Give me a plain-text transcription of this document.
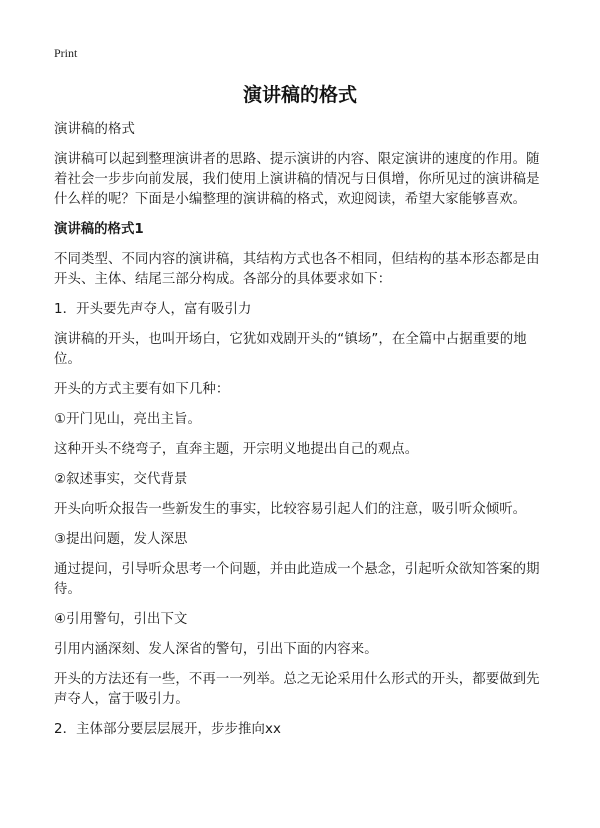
Print
演讲稿的格式

演讲稿的格式

演讲稿可以起到整理演讲者的思路、提示演讲的内容、限定演讲的速度的作用。随着社会一步步向前发展，我们使用上演讲稿的情况与日俱增，你所见过的演讲稿是什么样的呢？下面是小编整理的演讲稿的格式，欢迎阅读，希望大家能够喜欢。

演讲稿的格式1

不同类型、不同内容的演讲稿，其结构方式也各不相同，但结构的基本形态都是由开头、主体、结尾三部分构成。各部分的具体要求如下：

1．开头要先声夺人，富有吸引力

演讲稿的开头，也叫开场白，它犹如戏剧开头的“镇场”，在全篇中占据重要的地位。

开头的方式主要有如下几种：

①开门见山，亮出主旨。

这种开头不绕弯子，直奔主题，开宗明义地提出自己的观点。

②叙述事实，交代背景

开头向听众报告一些新发生的事实，比较容易引起人们的注意，吸引听众倾听。

③提出问题，发人深思

通过提问，引导听众思考一个问题，并由此造成一个悬念，引起听众欲知答案的期待。

④引用警句，引出下文

引用内涵深刻、发人深省的警句，引出下面的内容来。

开头的方法还有一些，不再一一列举。总之无论采用什么形式的开头，都要做到先声夺人，富于吸引力。

2．主体部分要层层展开，步步推向xx
